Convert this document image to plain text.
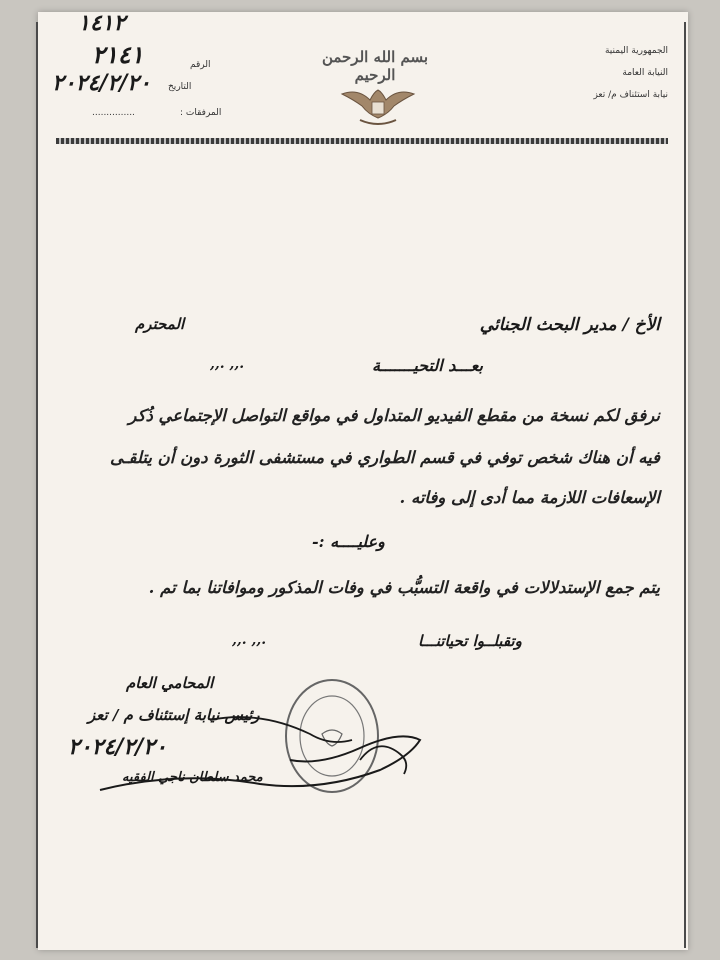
١٤١٢
٢١٤١
٢٠٢٤/٢/٢٠
الرقم
التاريخ
المرفقات :
...............
بسم الله الرحمن الرحيم
الجمهورية اليمنية
النيابة العامة
نيابة استئناف م/ تعز
الأخ / مدير البحث الجنائي
المحترم
بعـــد التحيـــــــة
.,, .,,
نرفق لكم نسخة من مقطع الفيديو المتداول في مواقع التواصل الإجتماعي ذُكر
فيه أن هناك شخص توفي في قسم الطواري في مستشفى الثورة دون أن يتلقـى
الإسعافات اللازمة مما أدى إلى وفاته .
وعليــــه :-
يتم جمع الإستدلالات في واقعة التسبُّب في وفات المذكور وموافاتنا بما تم .
وتقبلــوا تحياتنـــا
.,, .,,
المحامي العام
رئيس نيابة إستئناف م / تعز
محمد سلطان ناجي الفقيه
٢٠٢٤/٢/٢٠
